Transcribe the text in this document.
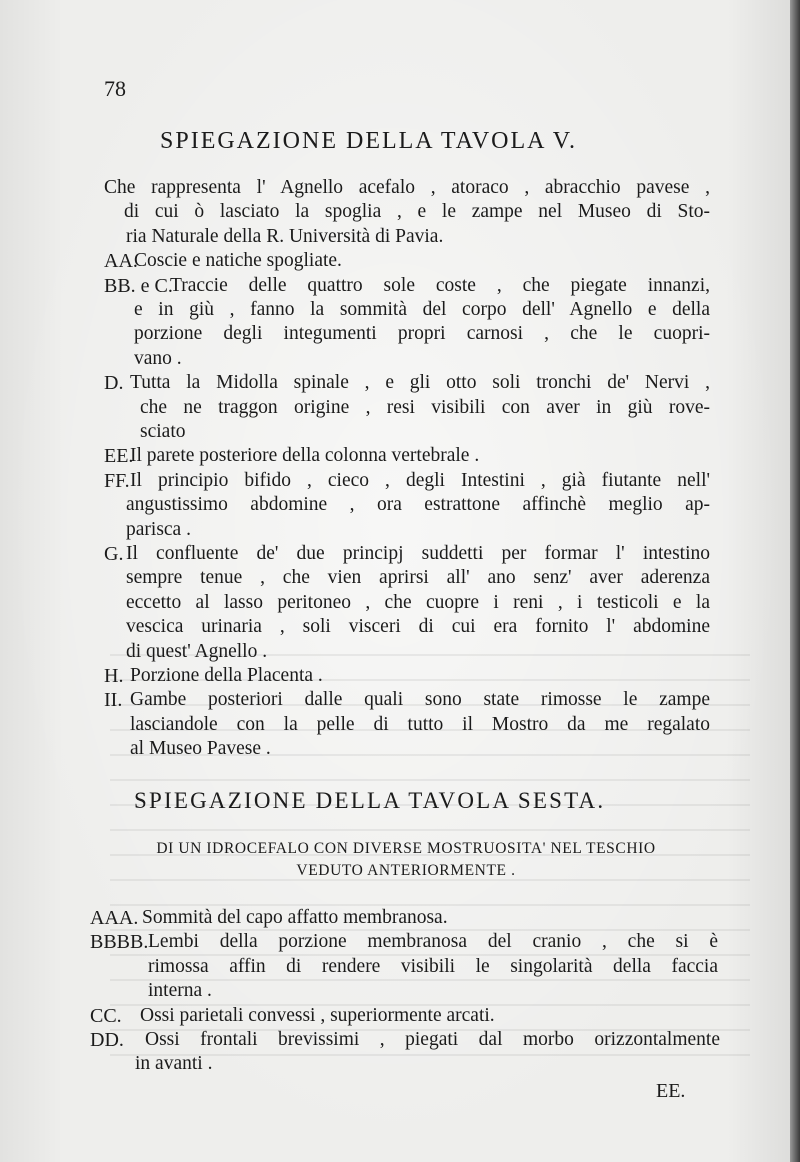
78
SPIEGAZIONE DELLA TAVOLA V.
Che rappresenta l' Agnello acefalo , atoraco , abracchio pavese ,
di cui ò lasciato la spoglia , e le zampe nel Museo di Sto-
ria Naturale della R. Università di Pavia.
AA.
Coscie e natiche spogliate.
BB. e C.
Traccie delle quattro sole coste , che piegate innanzi,
e in giù , fanno la sommità del corpo dell' Agnello e della
porzione degli integumenti propri carnosi , che le cuopri-
vano .
D. Tutta la Midolla spinale , e gli otto soli tronchi de' Nervi ,
che ne traggon origine , resi visibili con aver in giù rove-
sciato
EE.
Il parete posteriore della colonna vertebrale .
FF. Il principio bifido , cieco , degli Intestini , già fiutante nell'
angustissimo abdomine , ora estrattone affinchè meglio ap-
parisca .
G. Il confluente de' due principj suddetti per formar l' intestino
sempre tenue , che vien aprirsi all' ano senz' aver aderenza
eccetto al lasso peritoneo , che cuopre i reni , i testicoli e la
vescica urinaria , soli visceri di cui era fornito l' abdomine
di quest' Agnello .
H. Porzione della Placenta .
II. Gambe posteriori dalle quali sono state rimosse le zampe
lasciandole con la pelle di tutto il Mostro da me regalato
al Museo Pavese .
SPIEGAZIONE DELLA TAVOLA SESTA.
DI UN IDROCEFALO CON DIVERSE MOSTRUOSITA' NEL TESCHIO
VEDUTO ANTERIORMENTE .
AAA. Sommità del capo affatto membranosa.
BBBB. Lembi della porzione membranosa del cranio , che si è
rimossa affin di rendere visibili le singolarità della faccia
interna .
CC. Ossi parietali convessi , superiormente arcati.
DD. Ossi frontali brevissimi , piegati dal morbo orizzontalmente
in avanti .
EE.
